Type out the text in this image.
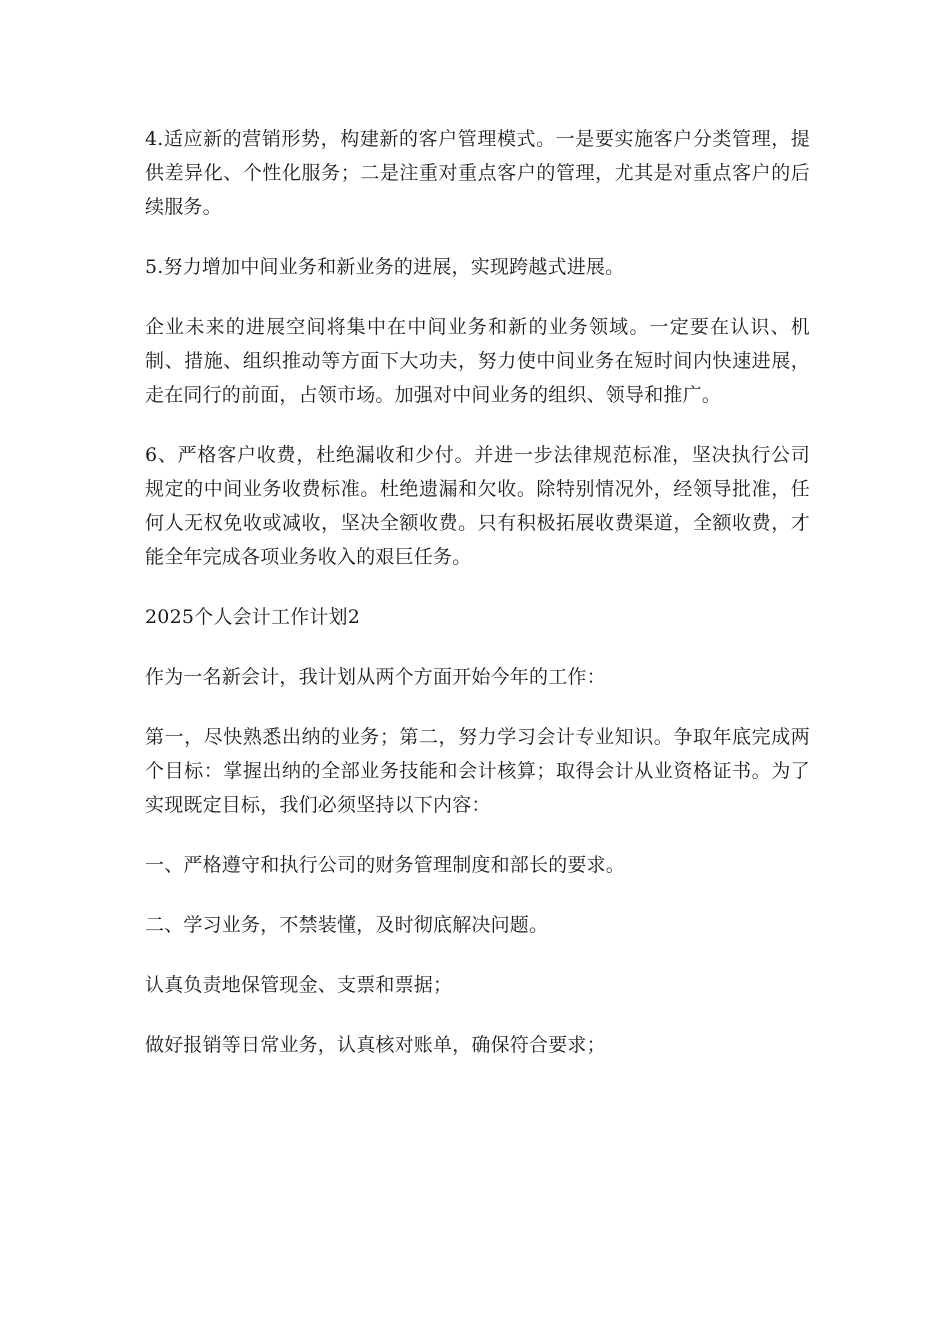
4.适应新的营销形势，构建新的客户管理模式。一是要实施客户分类管理，提供差异化、个性化服务；二是注重对重点客户的管理，尤其是对重点客户的后续服务。

5.努力增加中间业务和新业务的进展，实现跨越式进展。

企业未来的进展空间将集中在中间业务和新的业务领域。一定要在认识、机制、措施、组织推动等方面下大功夫，努力使中间业务在短时间内快速进展，走在同行的前面，占领市场。加强对中间业务的组织、领导和推广。

6、严格客户收费，杜绝漏收和少付。并进一步法律规范标准，坚决执行公司规定的中间业务收费标准。杜绝遗漏和欠收。除特别情况外，经领导批准，任何人无权免收或减收，坚决全额收费。只有积极拓展收费渠道，全额收费，才能全年完成各项业务收入的艰巨任务。

2025个人会计工作计划2

作为一名新会计，我计划从两个方面开始今年的工作：

第一，尽快熟悉出纳的业务；第二，努力学习会计专业知识。争取年底完成两个目标：掌握出纳的全部业务技能和会计核算；取得会计从业资格证书。为了实现既定目标，我们必须坚持以下内容：

一、严格遵守和执行公司的财务管理制度和部长的要求。

二、学习业务，不禁装懂，及时彻底解决问题。

认真负责地保管现金、支票和票据；

做好报销等日常业务，认真核对账单，确保符合要求；
